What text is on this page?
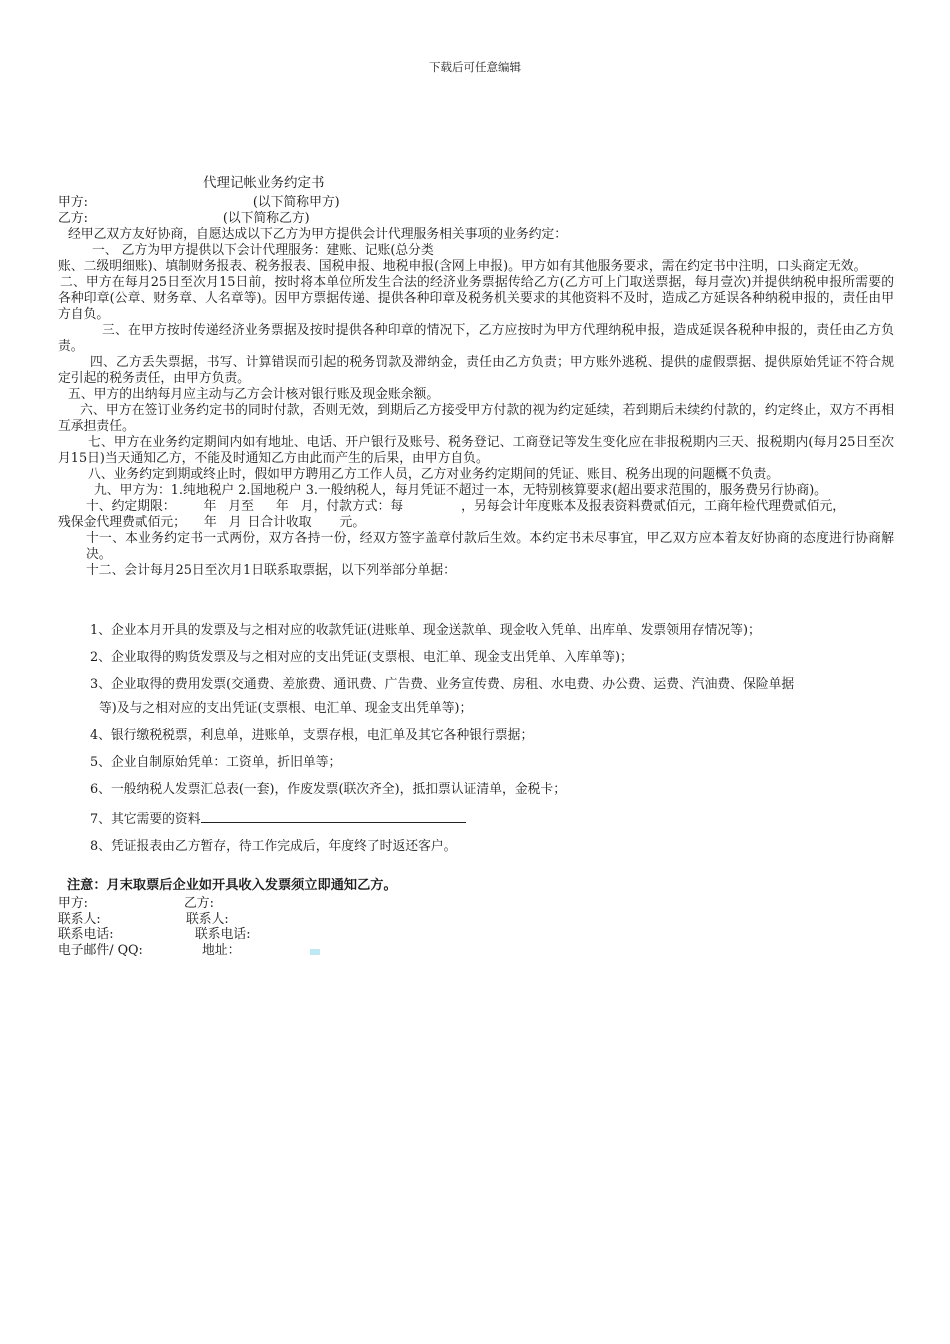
下载后可任意编辑
代理记帐业务约定书

甲方:	(以下简称甲方)

乙方:	(以下简称乙方)

经甲乙双方友好协商，自愿达成以下乙方为甲方提供会计代理服务相关事项的业务约定：

一、 乙方为甲方提供以下会计代理服务：建账、记账(总分类

账、二级明细账)、填制财务报表、税务报表、国税申报、地税申报(含网上申报)。甲方如有其他服务要求，需在约定书中注明，口头商定无效。

二、甲方在每月25日至次月15日前，按时将本单位所发生合法的经济业务票据传给乙方(乙方可上门取送票据，每月壹次)并提供纳税申报所需要的各种印章(公章、财务章、人名章等)。因甲方票据传递、提供各种印章及税务机关要求的其他资料不及时，造成乙方延误各种纳税申报的，责任由甲方自负。

三、在甲方按时传递经济业务票据及按时提供各种印章的情况下，乙方应按时为甲方代理纳税申报，造成延误各税种申报的，责任由乙方负责。

四、乙方丢失票据，书写、计算错误而引起的税务罚款及滞纳金，责任由乙方负责；甲方账外逃税、提供的虚假票据、提供原始凭证不符合规定引起的税务责任，由甲方负责。

五、甲方的出纳每月应主动与乙方会计核对银行账及现金账余额。

六、甲方在签订业务约定书的同时付款，否则无效，到期后乙方接受甲方付款的视为约定延续，若到期后未续约付款的，约定终止，双方不再相互承担责任。

七、甲方在业务约定期间内如有地址、电话、开户银行及账号、税务登记、工商登记等发生变化应在非报税期内三天、报税期内(每月25日至次月15日)当天通知乙方，不能及时通知乙方由此而产生的后果，由甲方自负。

八、业务约定到期或终止时，假如甲方聘用乙方工作人员，乙方对业务约定期间的凭证、账目、税务出现的问题概不负责。

九、甲方为：1.纯地税户 2.国地税户 3.一般纳税人，每月凭证不超过一本，无特别核算要求(超出要求范围的，服务费另行协商)。

十、约定期限： 年 月至 年 月，付款方式：每	，另每会计年度账本及报表资料费贰佰元，工商年检代理费贰佰元，

残保金代理费贰佰元； 年 月 日合计收取 元。

十一、本业务约定书一式两份，双方各持一份，经双方签字盖章付款后生效。本约定书未尽事宜，甲乙双方应本着友好协商的态度进行协商解决。

十二、会计每月25日至次月1日联系取票据，以下列举部分单据：

1、企业本月开具的发票及与之相对应的收款凭证(进账单、现金送款单、现金收入凭单、出库单、发票领用存情况等)；

2、企业取得的购货发票及与之相对应的支出凭证(支票根、电汇单、现金支出凭单、入库单等)；

3、企业取得的费用发票(交通费、差旅费、通讯费、广告费、业务宣传费、房租、水电费、办公费、运费、汽油费、保险单据

等)及与之相对应的支出凭证(支票根、电汇单、现金支出凭单等)；

4、银行缴税税票，利息单，进账单，支票存根，电汇单及其它各种银行票据；

5、企业自制原始凭单：工资单，折旧单等；

6、一般纳税人发票汇总表(一套)，作废发票(联次齐全)，抵扣票认证清单，金税卡；

7、其它需要的资料

8、凭证报表由乙方暂存，待工作完成后，年度终了时返还客户。

注意：月末取票后企业如开具收入发票须立即通知乙方。
甲方:	乙方:
联系人:	联系人:
联系电话:	联系电话:
电子邮件/ QQ:	地址：
